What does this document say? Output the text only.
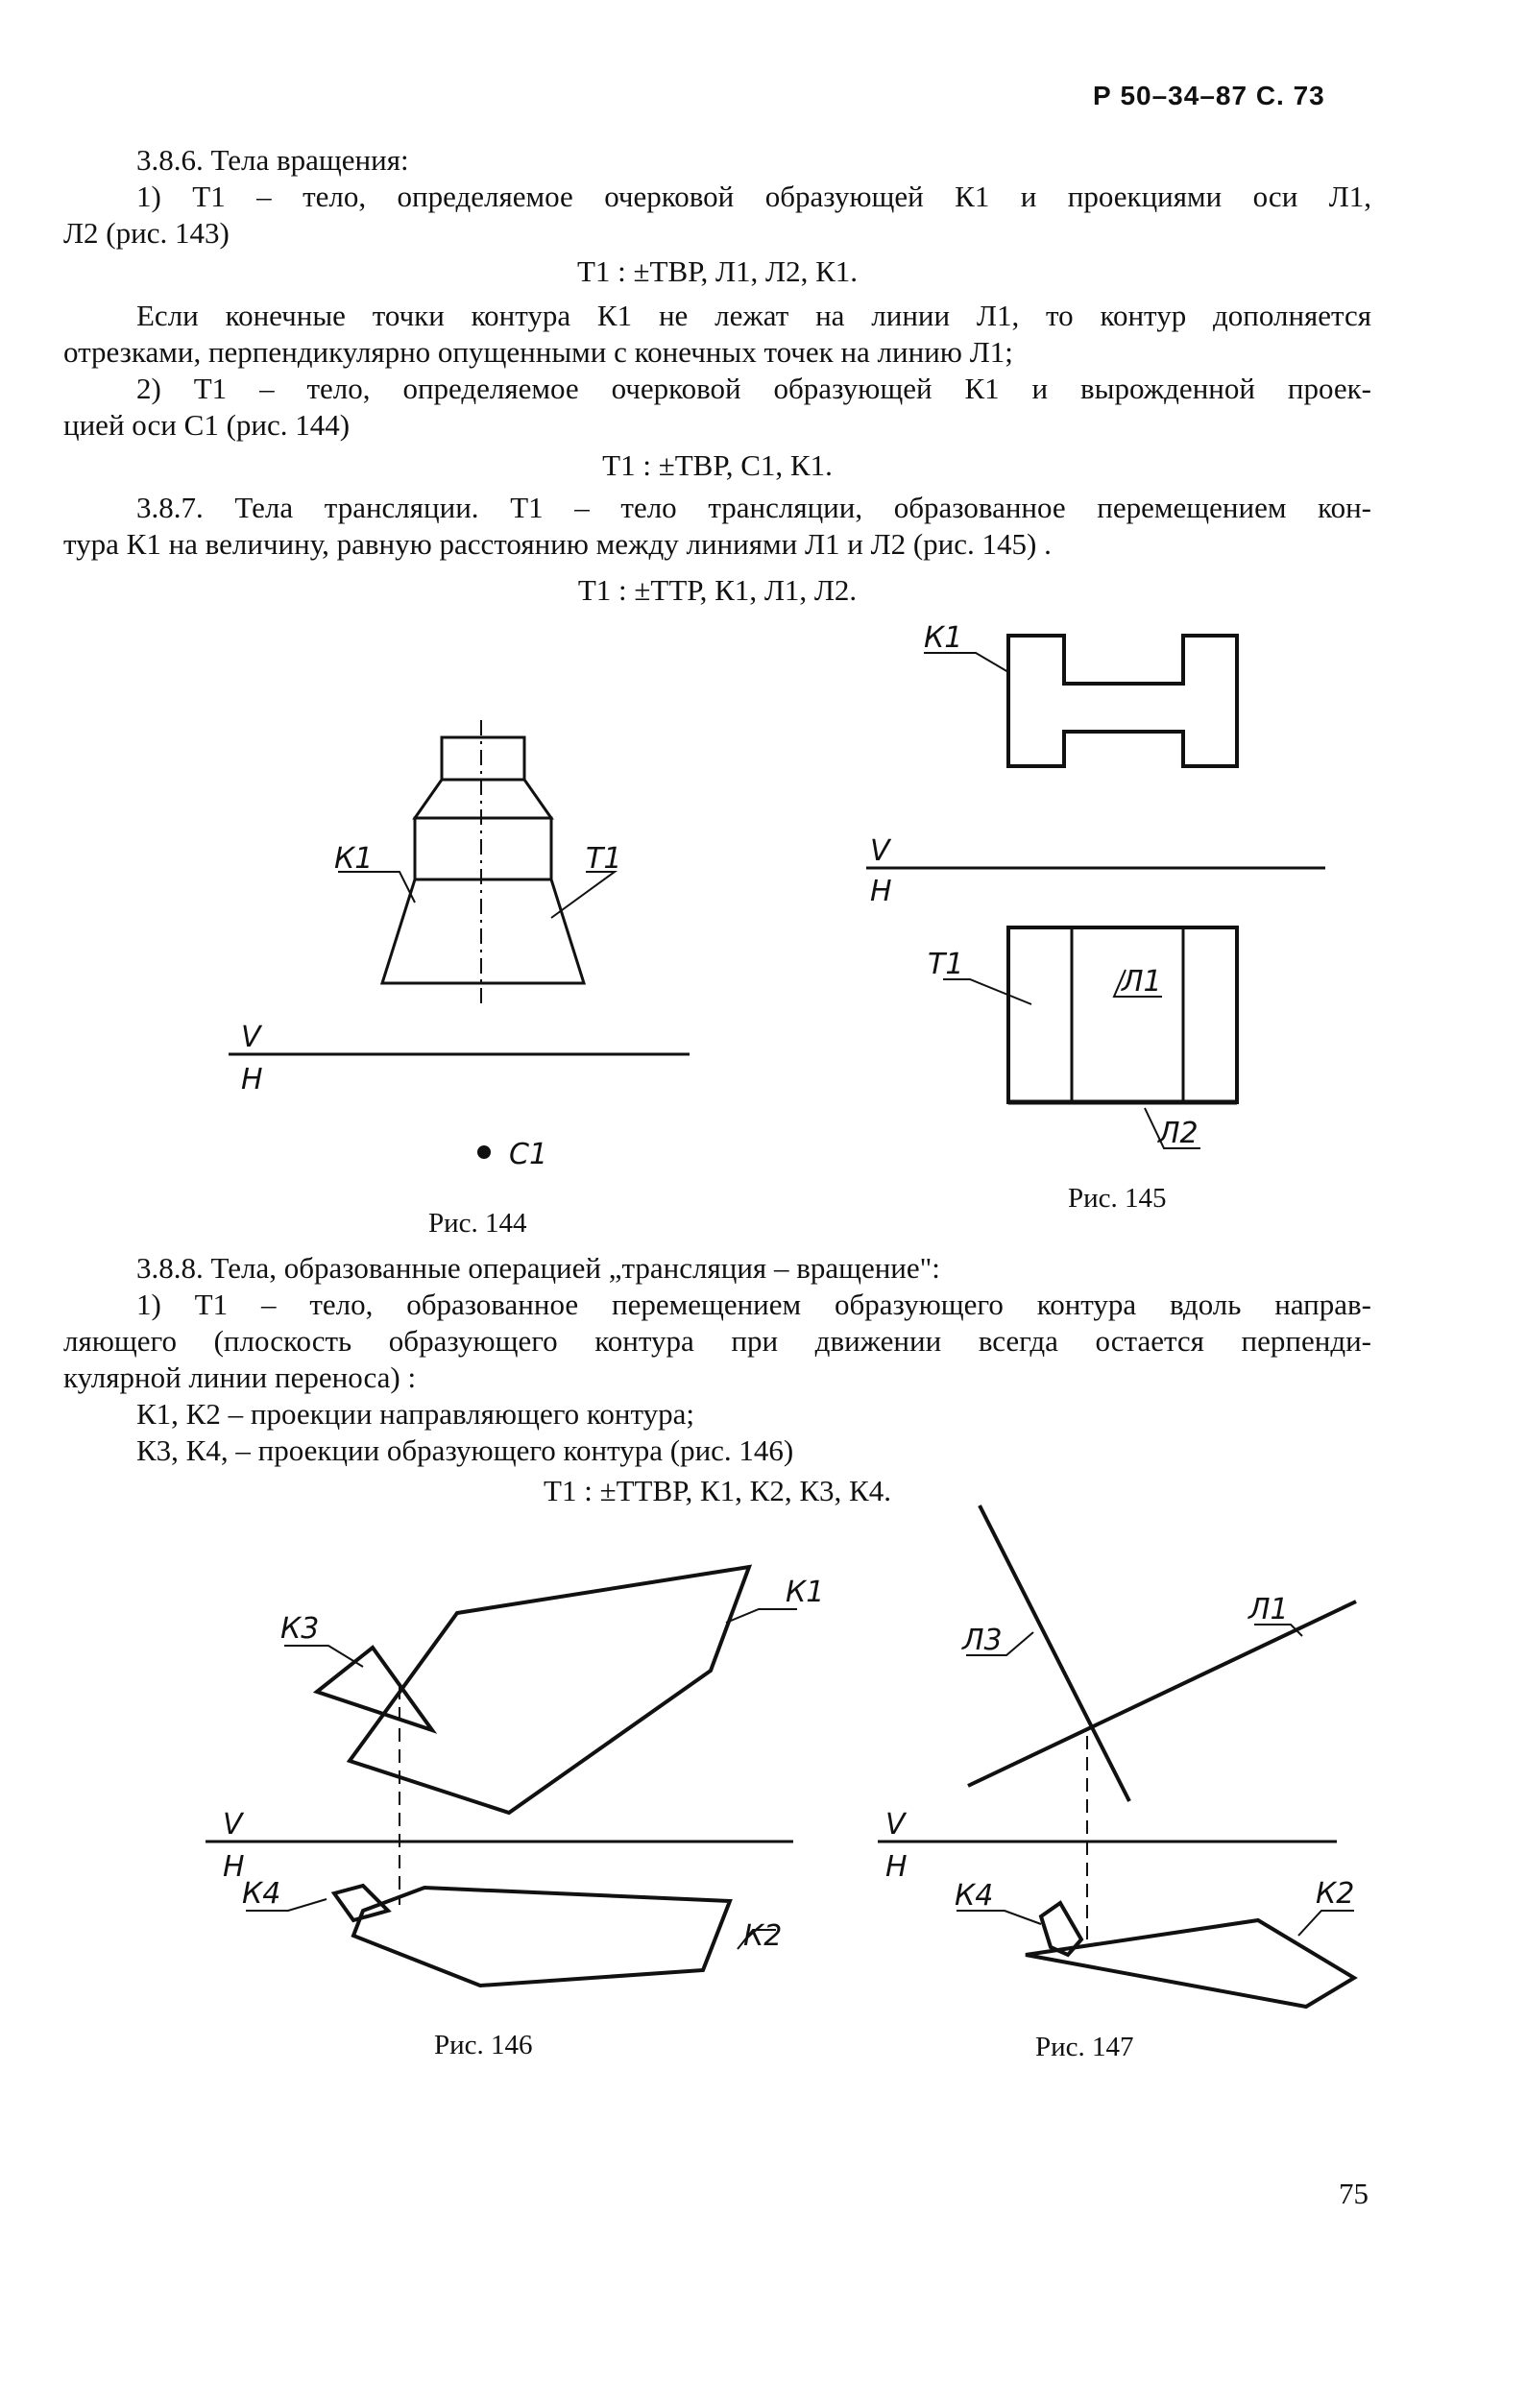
Р 50–34–87 С. 73
3.8.6. Тела вращения:
1) Т1 – тело, определяемое очерковой образующей К1 и проекциями оси Л1,
Л2 (рис. 143)
Т1 : ±ТВР, Л1, Л2, К1.
Если конечные точки контура К1 не лежат на линии Л1, то контур дополняется
отрезками, перпендикулярно опущенными с конечных точек на линию Л1;
2) Т1 – тело, определяемое очерковой образующей К1 и вырожденной проек-
цией оси С1 (рис. 144)
Т1 : ±ТВР, С1, К1.
3.8.7. Тела трансляции. Т1 – тело трансляции, образованное перемещением кон-
тура К1 на величину, равную расстоянию между линиями Л1 и Л2 (рис. 145) .
Т1 : ±ТТР, К1, Л1, Л2.
К1	Т1
V
H
С1
Рис. 144
К1
V
H
Т1
Л1
Л2
Рис. 145
3.8.8. Тела, образованные операцией „трансляция – вращение":
1) Т1 – тело, образованное перемещением образующего контура вдоль направ-
ляющего (плоскость образующего контура при движении всегда остается перпенди-
кулярной линии переноса) :
К1, К2 – проекции направляющего контура;
К3, К4, – проекции образующего контура (рис. 146)
Т1 : ±ТТВР, К1, К2, К3, К4.
К3
К1
V
H
К4
К2
Рис. 146
Л3
Л1
V
H
К4	К2
Рис. 147
75
